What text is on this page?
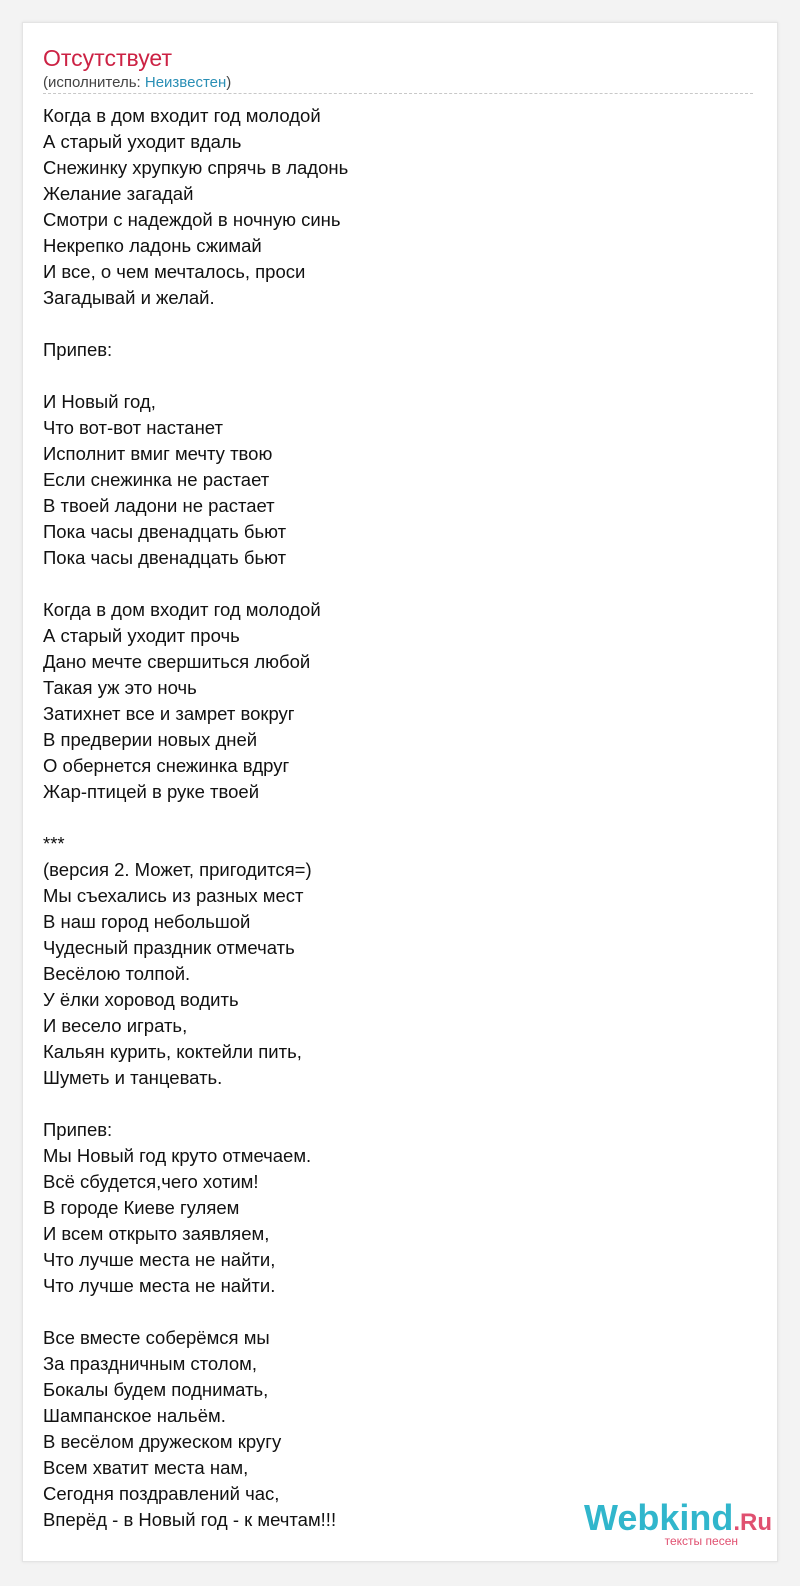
Отсутствует
(исполнитель: Неизвестен)
Когда в дом входит год молодой
А старый уходит вдаль
Снежинку хрупкую спрячь в ладонь
Желание загадай
Смотри с надеждой в ночную синь
Некрепко ладонь сжимай
И все, о чем мечталось, проси
Загадывай и желай.
Припев:
И Новый год,
Что вот-вот настанет
Исполнит вмиг мечту твою
Если снежинка не растает
В твоей ладони не растает
Пока часы двенадцать бьют
Пока часы двенадцать бьют
Когда в дом входит год молодой
А старый уходит прочь
Дано мечте свершиться любой
Такая уж это ночь
Затихнет все и замрет вокруг
В предверии новых дней
О обернется снежинка вдруг
Жар-птицей в руке твоей
***
(версия 2. Может, пригодится=)
Мы съехались из разных мест
В наш город небольшой
Чудесный праздник отмечать
Весёлою толпой.
У ёлки хоровод водить
И весело играть,
Кальян курить, коктейли пить,
Шуметь и танцевать.
Припев:
Мы Новый год круто отмечаем.
Всё сбудется,чего хотим!
В городе Киеве гуляем
И всем открыто заявляем,
Что лучше места не найти,
Что лучше места не найти.
Все вместе соберёмся мы
За праздничным столом,
Бокалы будем поднимать,
Шампанское нальём.
В весёлом дружеском кругу
Всем хватит места нам,
Сегодня поздравлений час,
Вперёд - в Новый год - к мечтам!!!	Webkind.Ru
тексты песен
